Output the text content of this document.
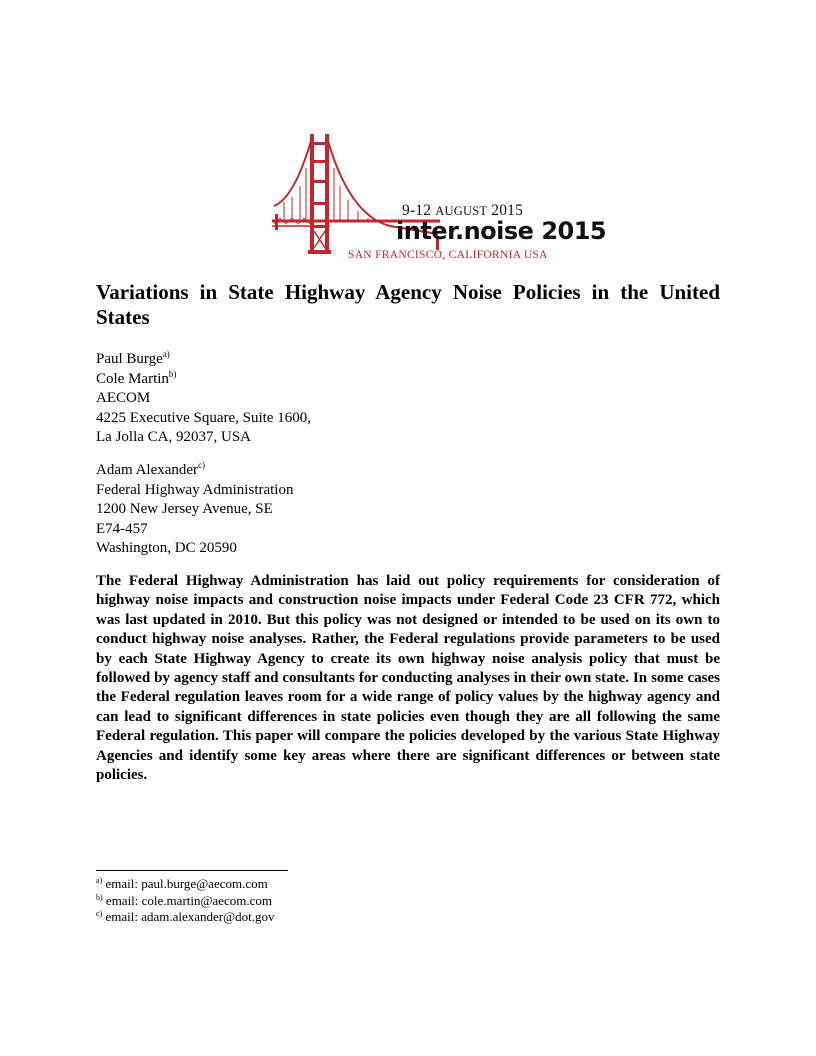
9-12 AUGUST 2015
inter.noise 2015
SAN FRANCISCO, CALIFORNIA USA
Variations in State Highway Agency Noise Policies in the United States
Paul Burge$^{a)}$
Cole Martin$^{b)}$
AECOM
4225 Executive Square, Suite 1600,
La Jolla CA, 92037, USA
Adam Alexander$^{c)}$
Federal Highway Administration
1200 New Jersey Avenue, SE
E74-457
Washington, DC 20590

The Federal Highway Administration has laid out policy requirements for consideration of highway noise impacts and construction noise impacts under Federal Code 23 CFR 772, which was last updated in 2010. But this policy was not designed or intended to be used on its own to conduct highway noise analyses. Rather, the Federal regulations provide parameters to be used by each State Highway Agency to create its own highway noise analysis policy that must be followed by agency staff and consultants for conducting analyses in their own state. In some cases the Federal regulation leaves room for a wide range of policy values by the highway agency and can lead to significant differences in state policies even though they are all following the same Federal regulation. This paper will compare the policies developed by the various State Highway Agencies and identify some key areas where there are significant differences or between state policies.

$^{a)}$ email: paul.burge@aecom.com
$^{b)}$ email: cole.martin@aecom.com
$^{c)}$ email: adam.alexander@dot.gov
